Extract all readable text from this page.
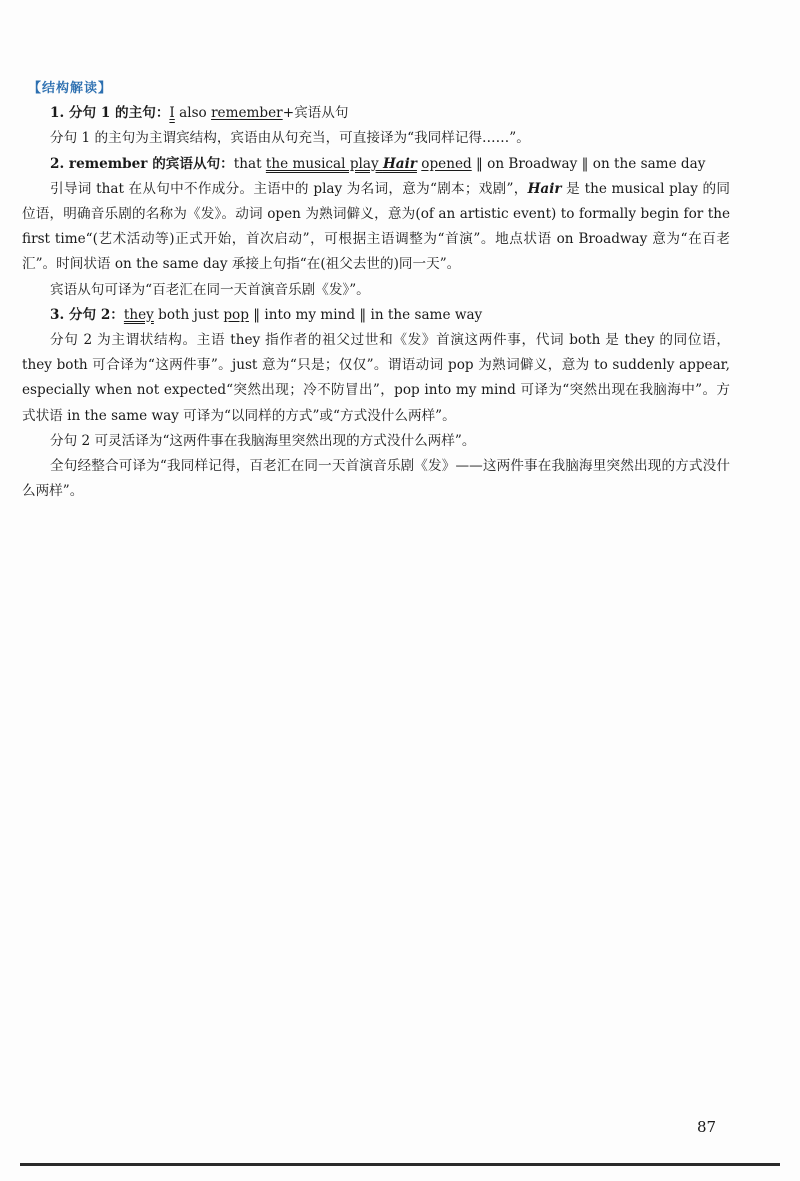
【结构解读】
1. 分句 1 的主句：I also remember+宾语从句
分句 1 的主句为主谓宾结构，宾语由从句充当，可直接译为“我同样记得……”。
2. remember 的宾语从句：that the musical play Hair opened ‖ on Broadway ‖ on the same day
引导词 that 在从句中不作成分。主语中的 play 为名词，意为“剧本；戏剧”，Hair 是 the musical play 的同位语，明确音乐剧的名称为《发》。动词 open 为熟词僻义，意为(of an artistic event) to formally begin for the first time“(艺术活动等)正式开始，首次启动”，可根据主语调整为“首演”。地点状语 on Broadway 意为“在百老汇”。时间状语 on the same day 承接上句指“在(祖父去世的)同一天”。
宾语从句可译为“百老汇在同一天首演音乐剧《发》”。
3. 分句 2：they both just pop ‖ into my mind ‖ in the same way
分句 2 为主谓状结构。主语 they 指作者的祖父过世和《发》首演这两件事，代词 both 是 they 的同位语，they both 可合译为“这两件事”。just 意为“只是；仅仅”。谓语动词 pop 为熟词僻义，意为 to suddenly appear, especially when not expected“突然出现；冷不防冒出”，pop into my mind 可译为“突然出现在我脑海中”。方式状语 in the same way 可译为“以同样的方式”或“方式没什么两样”。
分句 2 可灵活译为“这两件事在我脑海里突然出现的方式没什么两样”。
全句经整合可译为“我同样记得，百老汇在同一天首演音乐剧《发》——这两件事在我脑海里突然出现的方式没什么两样”。
87
